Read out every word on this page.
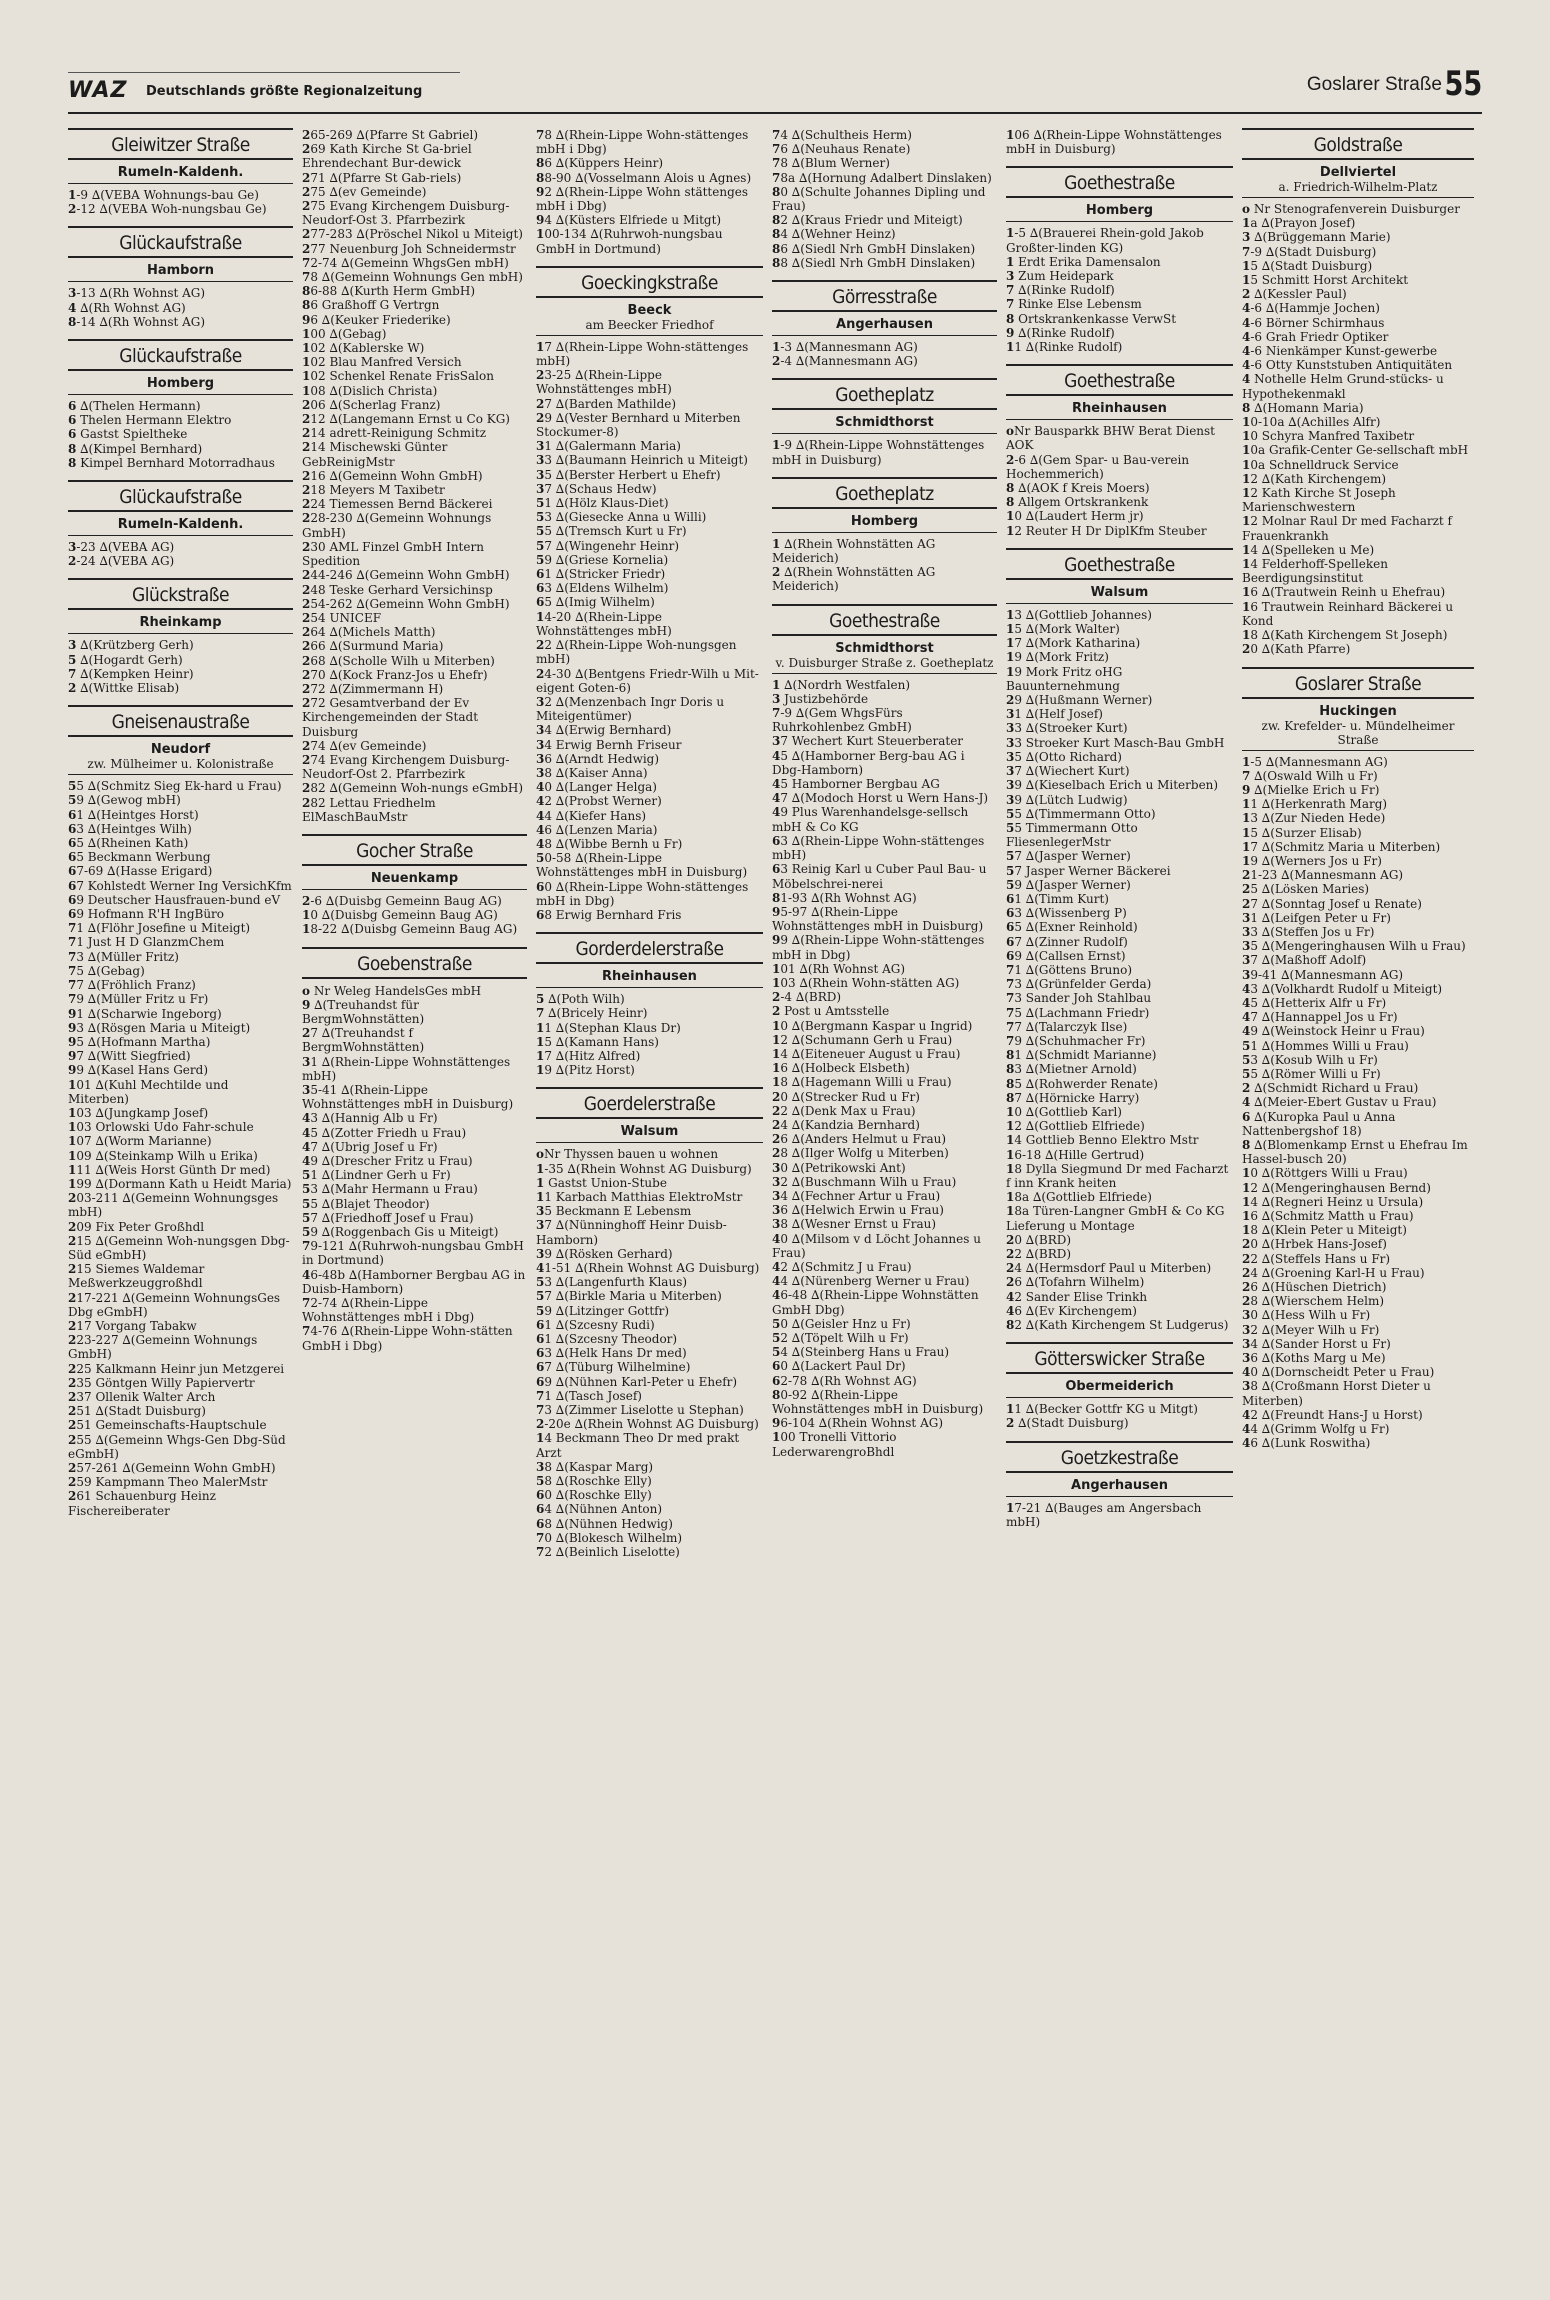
WAZ Deutschlands größte Regionalzeitung	Goslarer Straße 55
Gleiwitzer Straße
Rumeln-Kaldenh.
1-9 ∆(VEBA Wohnungs-bau Ge)
2-12 ∆(VEBA Woh-nungsbau Ge)
Glückaufstraße
Hamborn
3-13 ∆(Rh Wohnst AG)
4 ∆(Rh Wohnst AG)
8-14 ∆(Rh Wohnst AG)
Glückaufstraße
Homberg
6 ∆(Thelen Hermann)
6 Thelen Hermann Elektro
6 Gastst Spieltheke
8 ∆(Kimpel Bernhard)
8 Kimpel Bernhard Motorradhaus
Glückaufstraße
Rumeln-Kaldenh.
3-23 ∆(VEBA AG)
2-24 ∆(VEBA AG)
Glückstraße
Rheinkamp
3 ∆(Krützberg Gerh)
5 ∆(Hogardt Gerh)
7 ∆(Kempken Heinr)
2 ∆(Wittke Elisab)
Gneisenaustraße
Neudorf
zw. Mülheimer u. Kolonistraße
55 ∆(Schmitz Sieg Ek-hard u Frau)
59 ∆(Gewog mbH)
61 ∆(Heintges Horst)
63 ∆(Heintges Wilh)
65 ∆(Rheinen Kath)
65 Beckmann Werbung
67-69 ∆(Hasse Erigard)
67 Kohlstedt Werner Ing VersichKfm
69 Deutscher Hausfrauen-bund eV
69 Hofmann R'H IngBüro
71 ∆(Flöhr Josefine u Miteigt)
71 Just H D GlanzmChem
73 ∆(Müller Fritz)
75 ∆(Gebag)
77 ∆(Fröhlich Franz)
79 ∆(Müller Fritz u Fr)
91 ∆(Scharwie Ingeborg)
93 ∆(Rösgen Maria u Miteigt)
95 ∆(Hofmann Martha)
97 ∆(Witt Siegfried)
99 ∆(Kasel Hans Gerd)
101 ∆(Kuhl Mechtilde und Miterben)
103 ∆(Jungkamp Josef)
103 Orlowski Udo Fahr-schule
107 ∆(Worm Marianne)
109 ∆(Steinkamp Wilh u Erika)
111 ∆(Weis Horst Günth Dr med)
199 ∆(Dormann Kath u Heidt Maria)
203-211 ∆(Gemeinn Wohnungsges mbH)
209 Fix Peter Großhdl
215 ∆(Gemeinn Woh-nungsgen Dbg-Süd eGmbH)
215 Siemes Waldemar Meßwerkzeuggroßhdl
217-221 ∆(Gemeinn WohnungsGes Dbg eGmbH)
217 Vorgang Tabakw
223-227 ∆(Gemeinn Wohnungs GmbH)
225 Kalkmann Heinr jun Metzgerei
235 Göntgen Willy Papiervertr
237 Ollenik Walter Arch
251 ∆(Stadt Duisburg)
251 Gemeinschafts-Hauptschule
255 ∆(Gemeinn Whgs-Gen Dbg-Süd eGmbH)
257-261 ∆(Gemeinn Wohn GmbH)
259 Kampmann Theo MalerMstr
261 Schauenburg Heinz Fischereiberater
265-269 ∆(Pfarre St Gabriel)
269 Kath Kirche St Ga-briel Ehrendechant Bur-dewick
271 ∆(Pfarre St Gab-riels)
275 ∆(ev Gemeinde)
275 Evang Kirchengem Duisburg-Neudorf-Ost 3. Pfarrbezirk
277-283 ∆(Pröschel Nikol u Miteigt)
277 Neuenburg Joh Schneidermstr
72-74 ∆(Gemeinn WhgsGen mbH)
78 ∆(Gemeinn Wohnungs Gen mbH)
86-88 ∆(Kurth Herm GmbH)
86 Graßhoff G Vertrgn
96 ∆(Keuker Friederike)
100 ∆(Gebag)
102 ∆(Kablerske W)
102 Blau Manfred Versich
102 Schenkel Renate FrisSalon
108 ∆(Dislich Christa)
206 ∆(Scherlag Franz)
212 ∆(Langemann Ernst u Co KG)
214 adrett-Reinigung Schmitz
214 Mischewski Günter GebReinigMstr
216 ∆(Gemeinn Wohn GmbH)
218 Meyers M Taxibetr
224 Tiemessen Bernd Bäckerei
228-230 ∆(Gemeinn Wohnungs GmbH)
230 AML Finzel GmbH Intern Spedition
244-246 ∆(Gemeinn Wohn GmbH)
248 Teske Gerhard Versichinsp
254-262 ∆(Gemeinn Wohn GmbH)
254 UNICEF
264 ∆(Michels Matth)
266 ∆(Surmund Maria)
268 ∆(Scholle Wilh u Miterben)
270 ∆(Kock Franz-Jos u Ehefr)
272 ∆(Zimmermann H)
272 Gesamtverband der Ev Kirchengemeinden der Stadt Duisburg
274 ∆(ev Gemeinde)
274 Evang Kirchengem Duisburg-Neudorf-Ost 2. Pfarrbezirk
282 ∆(Gemeinn Woh-nungs eGmbH)
282 Lettau Friedhelm ElMaschBauMstr
Gocher Straße
Neuenkamp
2-6 ∆(Duisbg Gemeinn Baug AG)
10 ∆(Duisbg Gemeinn Baug AG)
18-22 ∆(Duisbg Gemeinn Baug AG)
Goebenstraße
o Nr Weleg HandelsGes mbH
9 ∆(Treuhandst für BergmWohnstätten)
27 ∆(Treuhandst f BergmWohnstätten)
31 ∆(Rhein-Lippe Wohnstättenges mbH)
35-41 ∆(Rhein-Lippe Wohnstättenges mbH in Duisburg)
43 ∆(Hannig Alb u Fr)
45 ∆(Zotter Friedh u Frau)
47 ∆(Ubrig Josef u Fr)
49 ∆(Drescher Fritz u Frau)
51 ∆(Lindner Gerh u Fr)
53 ∆(Mahr Hermann u Frau)
55 ∆(Blajet Theodor)
57 ∆(Friedhoff Josef u Frau)
59 ∆(Roggenbach Gis u Miteigt)
79-121 ∆(Ruhrwoh-nungsbau GmbH in Dortmund)
46-48b ∆(Hamborner Bergbau AG in Duisb-Hamborn)
72-74 ∆(Rhein-Lippe Wohnstättenges mbH i Dbg)
74-76 ∆(Rhein-Lippe Wohn-stätten GmbH i Dbg)
78 ∆(Rhein-Lippe Wohn-stättenges mbH i Dbg)
86 ∆(Küppers Heinr)
88-90 ∆(Vosselmann Alois u Agnes)
92 ∆(Rhein-Lippe Wohn stättenges mbH i Dbg)
94 ∆(Küsters Elfriede u Mitgt)
100-134 ∆(Ruhrwoh-nungsbau GmbH in Dortmund)
Goeckingkstraße
Beeck
am Beecker Friedhof
17 ∆(Rhein-Lippe Wohn-stättenges mbH)
23-25 ∆(Rhein-Lippe Wohnstättenges mbH)
27 ∆(Barden Mathilde)
29 ∆(Vester Bernhard u Miterben Stockumer-8)
31 ∆(Galermann Maria)
33 ∆(Baumann Heinrich u Miteigt)
35 ∆(Berster Herbert u Ehefr)
37 ∆(Schaus Hedw)
51 ∆(Hölz Klaus-Diet)
53 ∆(Giesecke Anna u Willi)
55 ∆(Tremsch Kurt u Fr)
57 ∆(Wingenehr Heinr)
59 ∆(Griese Kornelia)
61 ∆(Stricker Friedr)
63 ∆(Eldens Wilhelm)
65 ∆(Imig Wilhelm)
14-20 ∆(Rhein-Lippe Wohnstättenges mbH)
22 ∆(Rhein-Lippe Woh-nungsgen mbH)
24-30 ∆(Bentgens Friedr-Wilh u Mit-eigent Goten-6)
32 ∆(Menzenbach Ingr Doris u Miteigentümer)
34 ∆(Erwig Bernhard)
34 Erwig Bernh Friseur
36 ∆(Arndt Hedwig)
38 ∆(Kaiser Anna)
40 ∆(Langer Helga)
42 ∆(Probst Werner)
44 ∆(Kiefer Hans)
46 ∆(Lenzen Maria)
48 ∆(Wibbe Bernh u Fr)
50-58 ∆(Rhein-Lippe Wohnstättenges mbH in Duisburg)
60 ∆(Rhein-Lippe Wohn-stättenges mbH in Dbg)
68 Erwig Bernhard Fris
Gorderdelerstraße
Rheinhausen
5 ∆(Poth Wilh)
7 ∆(Bricely Heinr)
11 ∆(Stephan Klaus Dr)
15 ∆(Kamann Hans)
17 ∆(Hitz Alfred)
19 ∆(Pitz Horst)
Goerdelerstraße
Walsum
oNr Thyssen bauen u wohnen
1-35 ∆(Rhein Wohnst AG Duisburg)
1 Gastst Union-Stube
11 Karbach Matthias ElektroMstr
35 Beckmann E Lebensm
37 ∆(Nünninghoff Heinr Duisb-Hamborn)
39 ∆(Rösken Gerhard)
41-51 ∆(Rhein Wohnst AG Duisburg)
53 ∆(Langenfurth Klaus)
57 ∆(Birkle Maria u Miterben)
59 ∆(Litzinger Gottfr)
61 ∆(Szcesny Rudi)
61 ∆(Szcesny Theodor)
63 ∆(Helk Hans Dr med)
67 ∆(Tüburg Wilhelmine)
69 ∆(Nühnen Karl-Peter u Ehefr)
71 ∆(Tasch Josef)
73 ∆(Zimmer Liselotte u Stephan)
2-20e ∆(Rhein Wohnst AG Duisburg)
14 Beckmann Theo Dr med prakt Arzt
38 ∆(Kaspar Marg)
58 ∆(Roschke Elly)
60 ∆(Roschke Elly)
64 ∆(Nühnen Anton)
68 ∆(Nühnen Hedwig)
70 ∆(Blokesch Wilhelm)
72 ∆(Beinlich Liselotte)
74 ∆(Schultheis Herm)
76 ∆(Neuhaus Renate)
78 ∆(Blum Werner)
78a ∆(Hornung Adalbert Dinslaken)
80 ∆(Schulte Johannes Dipling und Frau)
82 ∆(Kraus Friedr und Miteigt)
84 ∆(Wehner Heinz)
86 ∆(Siedl Nrh GmbH Dinslaken)
88 ∆(Siedl Nrh GmbH Dinslaken)
Görresstraße
Angerhausen
1-3 ∆(Mannesmann AG)
2-4 ∆(Mannesmann AG)
Goetheplatz
Schmidthorst
1-9 ∆(Rhein-Lippe Wohnstättenges mbH in Duisburg)
Goetheplatz
Homberg
1 ∆(Rhein Wohnstätten AG Meiderich)
2 ∆(Rhein Wohnstätten AG Meiderich)
Goethestraße
Schmidthorst
v. Duisburger Straße z. Goetheplatz
1 ∆(Nordrh Westfalen)
3 Justizbehörde
7-9 ∆(Gem WhgsFürs Ruhrkohlenbez GmbH)
37 Wechert Kurt Steuerberater
45 ∆(Hamborner Berg-bau AG i Dbg-Hamborn)
45 Hamborner Bergbau AG
47 ∆(Modoch Horst u Wern Hans-J)
49 Plus Warenhandelsge-sellsch mbH & Co KG
63 ∆(Rhein-Lippe Wohn-stättenges mbH)
63 Reinig Karl u Cuber Paul Bau- u Möbelschrei-nerei
81-93 ∆(Rh Wohnst AG)
95-97 ∆(Rhein-Lippe Wohnstättenges mbH in Duisburg)
99 ∆(Rhein-Lippe Wohn-stättenges mbH in Dbg)
101 ∆(Rh Wohnst AG)
103 ∆(Rhein Wohn-stätten AG)
2-4 ∆(BRD)
2 Post u Amtsstelle
10 ∆(Bergmann Kaspar u Ingrid)
12 ∆(Schumann Gerh u Frau)
14 ∆(Eiteneuer August u Frau)
16 ∆(Holbeck Elsbeth)
18 ∆(Hagemann Willi u Frau)
20 ∆(Strecker Rud u Fr)
22 ∆(Denk Max u Frau)
24 ∆(Kandzia Bernhard)
26 ∆(Anders Helmut u Frau)
28 ∆(Ilger Wolfg u Miterben)
30 ∆(Petrikowski Ant)
32 ∆(Buschmann Wilh u Frau)
34 ∆(Fechner Artur u Frau)
36 ∆(Helwich Erwin u Frau)
38 ∆(Wesner Ernst u Frau)
40 ∆(Milsom v d Löcht Johannes u Frau)
42 ∆(Schmitz J u Frau)
44 ∆(Nürenberg Werner u Frau)
46-48 ∆(Rhein-Lippe Wohnstätten GmbH Dbg)
50 ∆(Geisler Hnz u Fr)
52 ∆(Töpelt Wilh u Fr)
54 ∆(Steinberg Hans u Frau)
60 ∆(Lackert Paul Dr)
62-78 ∆(Rh Wohnst AG)
80-92 ∆(Rhein-Lippe Wohnstättenges mbH in Duisburg)
96-104 ∆(Rhein Wohnst AG)
100 Tronelli Vittorio LederwarengroBhdl
106 ∆(Rhein-Lippe Wohnstättenges mbH in Duisburg)
Goethestraße
Homberg
1-5 ∆(Brauerei Rhein-gold Jakob Großter-linden KG)
1 Erdt Erika Damensalon
3 Zum Heidepark
7 ∆(Rinke Rudolf)
7 Rinke Else Lebensm
8 Ortskrankenkasse VerwSt
9 ∆(Rinke Rudolf)
11 ∆(Rinke Rudolf)
Goethestraße
Rheinhausen
oNr Bausparkk BHW Berat Dienst AOK
2-6 ∆(Gem Spar- u Bau-verein Hochemmerich)
8 ∆(AOK f Kreis Moers)
8 Allgem Ortskrankenk
10 ∆(Laudert Herm jr)
12 Reuter H Dr DiplKfm Steuber
Goethestraße
Walsum
13 ∆(Gottlieb Johannes)
15 ∆(Mork Walter)
17 ∆(Mork Katharina)
19 ∆(Mork Fritz)
19 Mork Fritz oHG Bauunternehmung
29 ∆(Hußmann Werner)
31 ∆(Helf Josef)
33 ∆(Stroeker Kurt)
33 Stroeker Kurt Masch-Bau GmbH
35 ∆(Otto Richard)
37 ∆(Wiechert Kurt)
39 ∆(Kieselbach Erich u Miterben)
39 ∆(Lütch Ludwig)
55 ∆(Timmermann Otto)
55 Timmermann Otto FliesenlegerMstr
57 ∆(Jasper Werner)
57 Jasper Werner Bäckerei
59 ∆(Jasper Werner)
61 ∆(Timm Kurt)
63 ∆(Wissenberg P)
65 ∆(Exner Reinhold)
67 ∆(Zinner Rudolf)
69 ∆(Callsen Ernst)
71 ∆(Göttens Bruno)
73 ∆(Grünfelder Gerda)
73 Sander Joh Stahlbau
75 ∆(Lachmann Friedr)
77 ∆(Talarczyk Ilse)
79 ∆(Schuhmacher Fr)
81 ∆(Schmidt Marianne)
83 ∆(Mietner Arnold)
85 ∆(Rohwerder Renate)
87 ∆(Hörnicke Harry)
10 ∆(Gottlieb Karl)
12 ∆(Gottlieb Elfriede)
14 Gottlieb Benno Elektro Mstr
16-18 ∆(Hille Gertrud)
18 Dylla Siegmund Dr med Facharzt f inn Krank heiten
18a ∆(Gottlieb Elfriede)
18a Türen-Langner GmbH & Co KG Lieferung u Montage
20 ∆(BRD)
22 ∆(BRD)
24 ∆(Hermsdorf Paul u Miterben)
26 ∆(Tofahrn Wilhelm)
42 Sander Elise Trinkh
46 ∆(Ev Kirchengem)
82 ∆(Kath Kirchengem St Ludgerus)
Götterswicker Straße
Obermeiderich
11 ∆(Becker Gottfr KG u Mitgt)
2 ∆(Stadt Duisburg)
Goetzkestraße
Angerhausen
17-21 ∆(Bauges am Angersbach mbH)
Goldstraße
Dellviertel
a. Friedrich-Wilhelm-Platz
o Nr Stenografenverein Duisburger
1a ∆(Prayon Josef)
3 ∆(Brüggemann Marie)
7-9 ∆(Stadt Duisburg)
15 ∆(Stadt Duisburg)
15 Schmitt Horst Architekt
2 ∆(Kessler Paul)
4-6 ∆(Hammje Jochen)
4-6 Börner Schirmhaus
4-6 Grah Friedr Optiker
4-6 Nienkämper Kunst-gewerbe
4-6 Otty Kunststuben Antiquitäten
4 Nothelle Helm Grund-stücks- u Hypothekenmakl
8 ∆(Homann Maria)
10-10a ∆(Achilles Alfr)
10 Schyra Manfred Taxibetr
10a Grafik-Center Ge-sellschaft mbH
10a Schnelldruck Service
12 ∆(Kath Kirchengem)
12 Kath Kirche St Joseph Marienschwestern
12 Molnar Raul Dr med Facharzt f Frauenkrankh
14 ∆(Spelleken u Me)
14 Felderhoff-Spelleken Beerdigungsinstitut
16 ∆(Trautwein Reinh u Ehefrau)
16 Trautwein Reinhard Bäckerei u Kond
18 ∆(Kath Kirchengem St Joseph)
20 ∆(Kath Pfarre)
Goslarer Straße
Huckingen
zw. Krefelder- u. Mündelheimer Straße
1-5 ∆(Mannesmann AG)
7 ∆(Oswald Wilh u Fr)
9 ∆(Mielke Erich u Fr)
11 ∆(Herkenrath Marg)
13 ∆(Zur Nieden Hede)
15 ∆(Surzer Elisab)
17 ∆(Schmitz Maria u Miterben)
19 ∆(Werners Jos u Fr)
21-23 ∆(Mannesmann AG)
25 ∆(Lösken Maries)
27 ∆(Sonntag Josef u Renate)
31 ∆(Leifgen Peter u Fr)
33 ∆(Steffen Jos u Fr)
35 ∆(Mengeringhausen Wilh u Frau)
37 ∆(Maßhoff Adolf)
39-41 ∆(Mannesmann AG)
43 ∆(Volkhardt Rudolf u Miteigt)
45 ∆(Hetterix Alfr u Fr)
47 ∆(Hannappel Jos u Fr)
49 ∆(Weinstock Heinr u Frau)
51 ∆(Hommes Willi u Frau)
53 ∆(Kosub Wilh u Fr)
55 ∆(Römer Willi u Fr)
2 ∆(Schmidt Richard u Frau)
4 ∆(Meier-Ebert Gustav u Frau)
6 ∆(Kuropka Paul u Anna Nattenbergshof 18)
8 ∆(Blomenkamp Ernst u Ehefrau Im Hassel-busch 20)
10 ∆(Röttgers Willi u Frau)
12 ∆(Mengeringhausen Bernd)
14 ∆(Regneri Heinz u Ursula)
16 ∆(Schmitz Matth u Frau)
18 ∆(Klein Peter u Miteigt)
20 ∆(Hrbek Hans-Josef)
22 ∆(Steffels Hans u Fr)
24 ∆(Groening Karl-H u Frau)
26 ∆(Hüschen Dietrich)
28 ∆(Wierschem Helm)
30 ∆(Hess Wilh u Fr)
32 ∆(Meyer Wilh u Fr)
34 ∆(Sander Horst u Fr)
36 ∆(Koths Marg u Me)
40 ∆(Dornscheidt Peter u Frau)
38 ∆(Croßmann Horst Dieter u Miterben)
42 ∆(Freundt Hans-J u Horst)
44 ∆(Grimm Wolfg u Fr)
46 ∆(Lunk Roswitha)
